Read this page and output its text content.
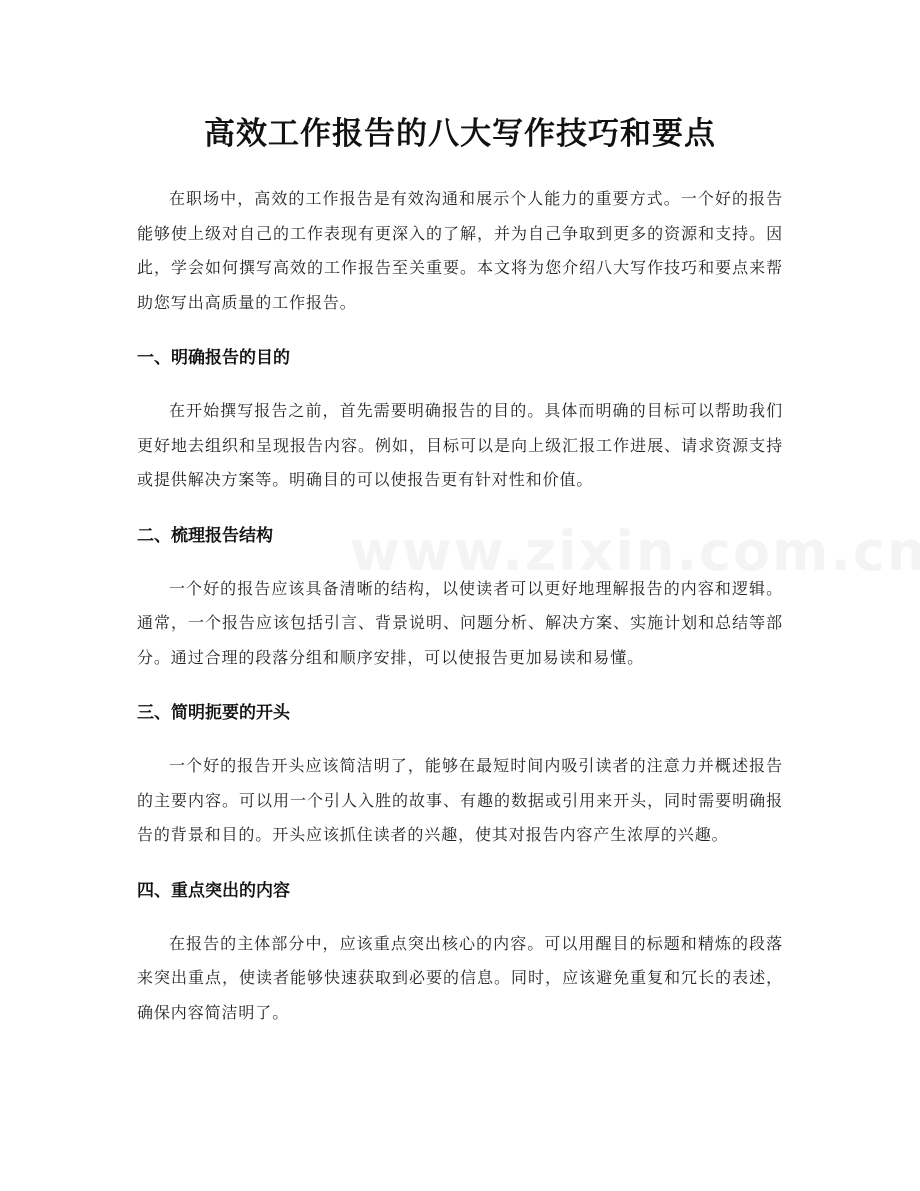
高效工作报告的八大写作技巧和要点

在职场中，高效的工作报告是有效沟通和展示个人能力的重要方式。一个好的报告能够使上级对自己的工作表现有更深入的了解，并为自己争取到更多的资源和支持。因此，学会如何撰写高效的工作报告至关重要。本文将为您介绍八大写作技巧和要点来帮助您写出高质量的工作报告。

一、明确报告的目的

在开始撰写报告之前，首先需要明确报告的目的。具体而明确的目标可以帮助我们更好地去组织和呈现报告内容。例如，目标可以是向上级汇报工作进展、请求资源支持或提供解决方案等。明确目的可以使报告更有针对性和价值。

二、梳理报告结构

一个好的报告应该具备清晰的结构，以使读者可以更好地理解报告的内容和逻辑。通常，一个报告应该包括引言、背景说明、问题分析、解决方案、实施计划和总结等部分。通过合理的段落分组和顺序安排，可以使报告更加易读和易懂。

三、简明扼要的开头

一个好的报告开头应该简洁明了，能够在最短时间内吸引读者的注意力并概述报告的主要内容。可以用一个引人入胜的故事、有趣的数据或引用来开头，同时需要明确报告的背景和目的。开头应该抓住读者的兴趣，使其对报告内容产生浓厚的兴趣。

四、重点突出的内容

在报告的主体部分中，应该重点突出核心的内容。可以用醒目的标题和精炼的段落来突出重点，使读者能够快速获取到必要的信息。同时，应该避免重复和冗长的表述，确保内容简洁明了。
